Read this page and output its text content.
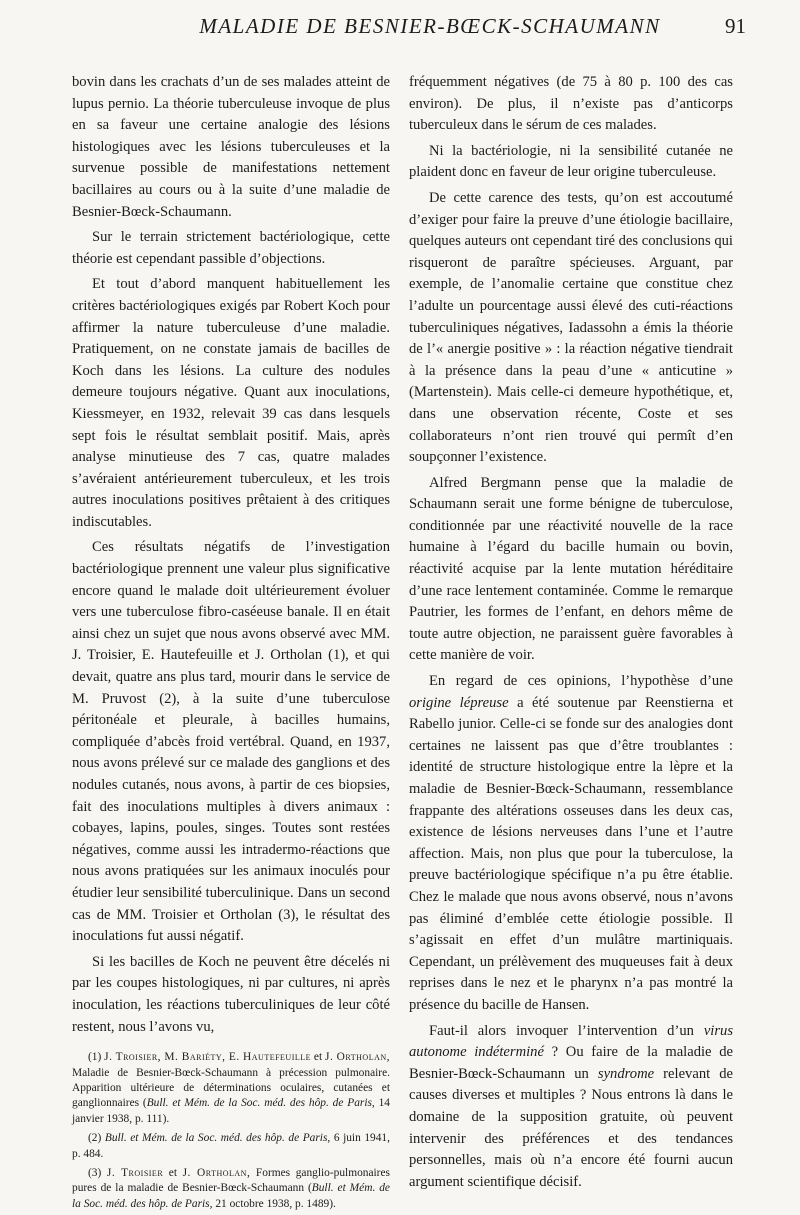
MALADIE DE BESNIER-BŒCK-SCHAUMANN	91

bovin dans les crachats d’un de ses malades atteint de lupus pernio. La théorie tuberculeuse invoque de plus en sa faveur une certaine analogie des lésions histologiques avec les lésions tuberculeuses et la survenue possible de manifestations nettement bacillaires au cours ou à la suite d’une maladie de Besnier-Bœck-Schaumann.

Sur le terrain strictement bactériologique, cette théorie est cependant passible d’objections.

Et tout d’abord manquent habituellement les critères bactériologiques exigés par Robert Koch pour affirmer la nature tuberculeuse d’une maladie. Pratiquement, on ne constate jamais de bacilles de Koch dans les lésions. La culture des nodules demeure toujours négative. Quant aux inoculations, Kiessmeyer, en 1932, relevait 39 cas dans lesquels sept fois le résultat semblait positif. Mais, après analyse minutieuse des 7 cas, quatre malades s’avéraient antérieurement tuberculeux, et les trois autres inoculations positives prêtaient à des critiques indiscutables.

Ces résultats négatifs de l’investigation bactériologique prennent une valeur plus significative encore quand le malade doit ultérieurement évoluer vers une tuberculose fibro-caséeuse banale. Il en était ainsi chez un sujet que nous avons observé avec MM. J. Troisier, E. Hautefeuille et J. Ortholan (1), et qui devait, quatre ans plus tard, mourir dans le service de M. Pruvost (2), à la suite d’une tuberculose péritonéale et pleurale, à bacilles humains, compliquée d’abcès froid vertébral. Quand, en 1937, nous avons prélevé sur ce malade des ganglions et des nodules cutanés, nous avons, à partir de ces biopsies, fait des inoculations multiples à divers animaux : cobayes, lapins, poules, singes. Toutes sont restées négatives, comme aussi les intradermo-réactions que nous avons pratiquées sur les animaux inoculés pour étudier leur sensibilité tuberculinique. Dans un second cas de MM. Troisier et Ortholan (3), le résultat des inoculations fut aussi négatif.

Si les bacilles de Koch ne peuvent être décelés ni par les coupes histologiques, ni par cultures, ni après inoculation, les réactions tuberculiniques de leur côté restent, nous l’avons vu,

(1) J. Troisier, M. Bariéty, E. Hautefeuille et J. Ortholan, Maladie de Besnier-Bœck-Schaumann à précession pulmonaire. Apparition ultérieure de déterminations oculaires, cutanées et ganglionnaires (Bull. et Mém. de la Soc. méd. des hôp. de Paris, 14 janvier 1938, p. 111).

(2) Bull. et Mém. de la Soc. méd. des hôp. de Paris, 6 juin 1941, p. 484.

(3) J. Troisier et J. Ortholan, Formes ganglio-pulmonaires pures de la maladie de Besnier-Bœck-Schaumann (Bull. et Mém. de la Soc. méd. des hôp. de Paris, 21 octobre 1938, p. 1489).

fréquemment négatives (de 75 à 80 p. 100 des cas environ). De plus, il n’existe pas d’anticorps tuberculeux dans le sérum de ces malades.

Ni la bactériologie, ni la sensibilité cutanée ne plaident donc en faveur de leur origine tuberculeuse.

De cette carence des tests, qu’on est accoutumé d’exiger pour faire la preuve d’une étiologie bacillaire, quelques auteurs ont cependant tiré des conclusions qui risqueront de paraître spécieuses. Arguant, par exemple, de l’anomalie certaine que constitue chez l’adulte un pourcentage aussi élevé des cuti-réactions tuberculiniques négatives, Iadassohn a émis la théorie de l’« anergie positive » : la réaction négative tiendrait à la présence dans la peau d’une « anticutine » (Martenstein). Mais celle-ci demeure hypothétique, et, dans une observation récente, Coste et ses collaborateurs n’ont rien trouvé qui permît d’en soupçonner l’existence.

Alfred Bergmann pense que la maladie de Schaumann serait une forme bénigne de tuberculose, conditionnée par une réactivité nouvelle de la race humaine à l’égard du bacille humain ou bovin, réactivité acquise par la lente mutation héréditaire d’une race lentement contaminée. Comme le remarque Pautrier, les formes de l’enfant, en dehors même de toute autre objection, ne paraissent guère favorables à cette manière de voir.

En regard de ces opinions, l’hypothèse d’une origine lépreuse a été soutenue par Reenstierna et Rabello junior. Celle-ci se fonde sur des analogies dont certaines ne laissent pas que d’être troublantes : identité de structure histologique entre la lèpre et la maladie de Besnier-Bœck-Schaumann, ressemblance frappante des altérations osseuses dans les deux cas, existence de lésions nerveuses dans l’une et l’autre affection. Mais, non plus que pour la tuberculose, la preuve bactériologique spécifique n’a pu être établie. Chez le malade que nous avons observé, nous n’avons pas éliminé d’emblée cette étiologie possible. Il s’agissait en effet d’un mulâtre martiniquais. Cependant, un prélèvement des muqueuses fait à deux reprises dans le nez et le pharynx n’a pas montré la présence du bacille de Hansen.

Faut-il alors invoquer l’intervention d’un virus autonome indéterminé ? Ou faire de la maladie de Besnier-Bœck-Schaumann un syndrome relevant de causes diverses et multiples ? Nous entrons là dans le domaine de la supposition gratuite, où peuvent intervenir des préférences et des tendances personnelles, mais où n’a encore été fourni aucun argument scientifique décisif.
